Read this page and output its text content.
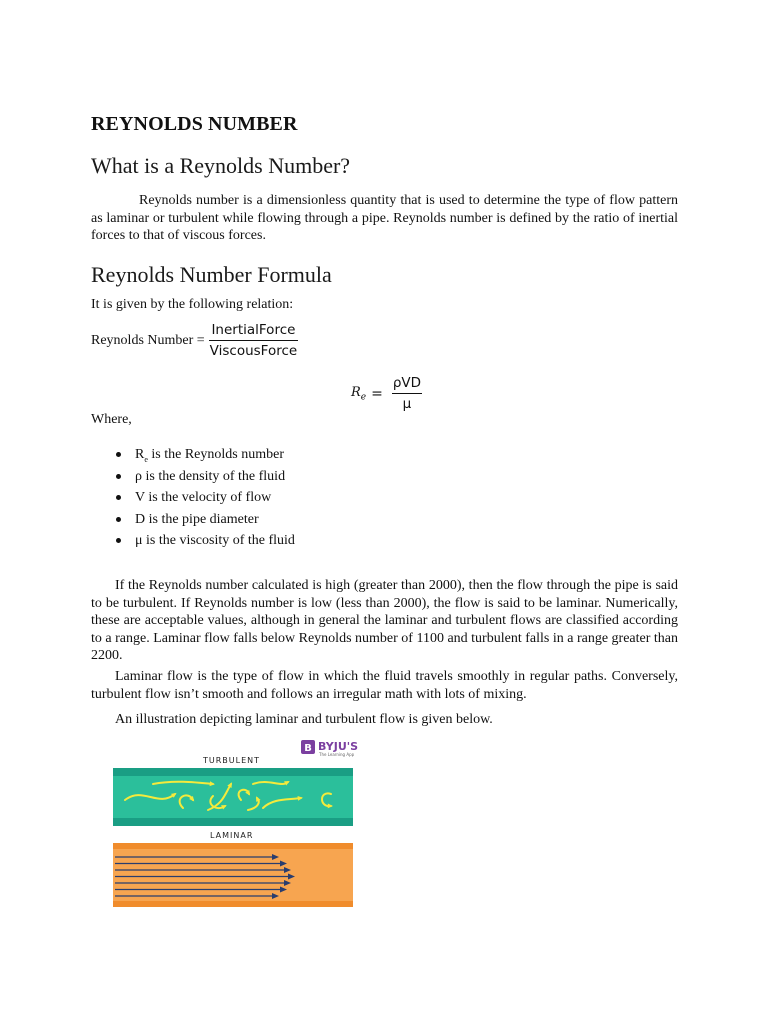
REYNOLDS NUMBER
What is a Reynolds Number?

Reynolds number is a dimensionless quantity that is used to determine the type of flow pattern as laminar or turbulent while flowing through a pipe. Reynolds number is defined by the ratio of inertial forces to that of viscous forces.

Reynolds Number Formula

It is given by the following relation:

Reynolds Number = $\frac{\text{InertialForce}}{\text{ViscousForce}}$
$R_e = \frac{\text{ρVD}}{\mu}$

Where,

$R_e$ is the Reynolds number
ρ is the density of the fluid
V is the velocity of flow
D is the pipe diameter
μ is the viscosity of the fluid

If the Reynolds number calculated is high (greater than 2000), then the flow through the pipe is said to be turbulent. If Reynolds number is low (less than 2000), the flow is said to be laminar. Numerically, these are acceptable values, although in general the laminar and turbulent flows are classified according to a range. Laminar flow falls below Reynolds number of 1100 and turbulent falls in a range greater than 2200.

Laminar flow is the type of flow in which the fluid travels smoothly in regular paths. Conversely, turbulent flow isn’t smooth and follows an irregular math with lots of mixing.

An illustration depicting laminar and turbulent flow is given below.

B BYJU'S
The Learning App
TURBULENT
LAMINAR
